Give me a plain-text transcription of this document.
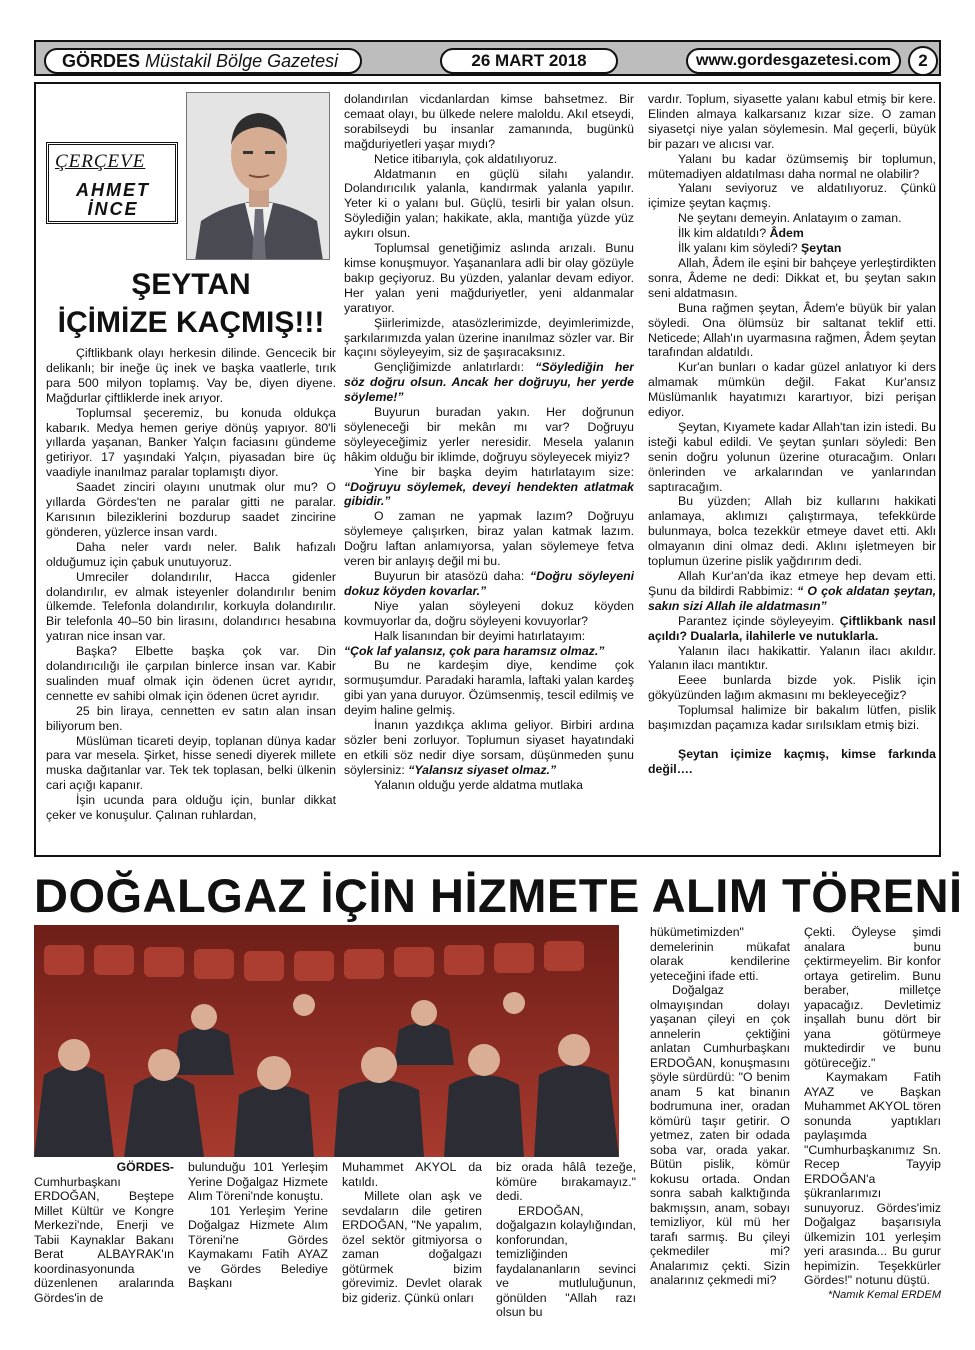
GÖRDES Müstakil Bölge Gazetesi	26 MART 2018	www.gordesgazetesi.com	2
ÇERÇEVE
AHMET
İNCE
ŞEYTAN
İÇİMİZE KAÇMIŞ!!!

Çiftlikbank olayı herkesin dilinde. Gencecik bir delikanlı; bir ineğe üç inek ve başka vaatlerle, tırık para 500 milyon toplamış. Vay be, diyen diyene. Mağdurlar çiftliklerde inek arıyor.

Toplumsal şeceremiz, bu konuda oldukça kabarık. Medya hemen geriye dönüş yapıyor. 80'li yıllarda yaşanan, Banker Yalçın faciasını gündeme getiriyor. 17 yaşındaki Yalçın, piyasadan bire üç vaadiyle inanılmaz paralar toplamıştı diyor.

Saadet zinciri olayını unutmak olur mu? O yıllarda Gördes'ten ne paralar gitti ne paralar. Karısının bileziklerini bozdurup saadet zincirine gönderen, yüzlerce insan vardı.

Daha neler vardı neler. Balık hafızalı olduğumuz için çabuk unutuyoruz.

Umreciler dolandırılır, Hacca gidenler dolandırılır, ev almak isteyenler dolandırılır benim ülkemde. Telefonla dolandırılır, korkuyla dolandırılır. Bir telefonla 40–50 bin lirasını, dolandırıcı hesabına yatıran nice insan var.

Başka? Elbette başka çok var. Din dolandırıcılığı ile çarpılan binlerce insan var. Kabir sualinden muaf olmak için ödenen ücret ayrıdır, cennette ev sahibi olmak için ödenen ücret ayrıdır.

25 bin liraya, cennetten ev satın alan insan biliyorum ben.

Müslüman ticareti deyip, toplanan dünya kadar para var mesela. Şirket, hisse senedi diyerek millete muska dağıtanlar var. Tek tek toplasan, belki ülkenin cari açığı kapanır.

İşin ucunda para olduğu için, bunlar dikkat çeker ve konuşulur. Çalınan ruhlardan,

dolandırılan vicdanlardan kimse bahsetmez. Bir cemaat olayı, bu ülkede nelere maloldu. Akıl etseydi, sorabilseydi bu insanlar zamanında, bugünkü mağduriyetleri yaşar mıydı?

Netice itibarıyla, çok aldatılıyoruz.

Aldatmanın en güçlü silahı yalandır. Dolandırıcılık yalanla, kandırmak yalanla yapılır. Yeter ki o yalanı bul. Güçlü, tesirli bir yalan olsun. Söylediğin yalan; hakikate, akla, mantığa yüzde yüz aykırı olsun.

Toplumsal genetiğimiz aslında arızalı. Bunu kimse konuşmuyor. Yaşananlara adli bir olay gözüyle bakıp geçiyoruz. Bu yüzden, yalanlar devam ediyor. Her yalan yeni mağduriyetler, yeni aldanmalar yaratıyor.

Şiirlerimizde, atasözlerimizde, deyimlerimizde, şarkılarımızda yalan üzerine inanılmaz sözler var. Bir kaçını söyleyeyim, siz de şaşıracaksınız.

Gençliğimizde anlatırlardı: “Söylediğin her söz doğru olsun. Ancak her doğruyu, her yerde söyleme!”

Buyurun buradan yakın. Her doğrunun söyleneceği bir mekân mı var? Doğruyu söyleyeceğimiz yerler neresidir. Mesela yalanın hâkim olduğu bir iklimde, doğruyu söyleyecek miyiz?

Yine bir başka deyim hatırlatayım size: “Doğruyu söylemek, deveyi hendekten atlatmak gibidir.”

O zaman ne yapmak lazım? Doğruyu söylemeye çalışırken, biraz yalan katmak lazım. Doğru laftan anlamıyorsa, yalan söylemeye fetva veren bir anlayış değil mi bu.

Buyurun bir atasözü daha: “Doğru söyleyeni dokuz köyden kovarlar.”

Niye yalan söyleyeni dokuz köyden kovmuyorlar da, doğru söyleyeni kovuyorlar?

Halk lisanından bir deyimi hatırlatayım:

“Çok laf yalansız, çok para haramsız olmaz.”

Bu ne kardeşim diye, kendime çok sormuşumdur. Paradaki haramla, laftaki yalan kardeş gibi yan yana duruyor. Özümsenmiş, tescil edilmiş ve deyim haline gelmiş.

İnanın yazdıkça aklıma geliyor. Birbiri ardına sözler beni zorluyor. Toplumun siyaset hayatındaki en etkili söz nedir diye sorsam, düşünmeden şunu söylersiniz: “Yalansız siyaset olmaz.”

Yalanın olduğu yerde aldatma mutlaka

vardır. Toplum, siyasette yalanı kabul etmiş bir kere. Elinden almaya kalkarsanız kızar size. O zaman siyasetçi niye yalan söylemesin. Mal geçerli, büyük bir pazarı ve alıcısı var.

Yalanı bu kadar özümsemiş bir toplumun, mütemadiyen aldatılması daha normal ne olabilir?

Yalanı seviyoruz ve aldatılıyoruz. Çünkü içimize şeytan kaçmış.

Ne şeytanı demeyin. Anlatayım o zaman.

İlk kim aldatıldı? Âdem

İlk yalanı kim söyledi? Şeytan

Allah, Âdem ile eşini bir bahçeye yerleştirdikten sonra, Âdeme ne dedi: Dikkat et, bu şeytan sakın seni aldatmasın.

Buna rağmen şeytan, Âdem'e büyük bir yalan söyledi. Ona ölümsüz bir saltanat teklif etti. Neticede; Allah'ın uyarmasına rağmen, Âdem şeytan tarafından aldatıldı.

Kur'an bunları o kadar güzel anlatıyor ki ders almamak mümkün değil. Fakat Kur'ansız Müslümanlık hayatımızı karartıyor, bizi perişan ediyor.

Şeytan, Kıyamete kadar Allah'tan izin istedi. Bu isteği kabul edildi. Ve şeytan şunları söyledi: Ben senin doğru yolunun üzerine oturacağım. Onları önlerinden ve arkalarından ve yanlarından saptıracağım.

Bu yüzden; Allah biz kullarını hakikati anlamaya, aklımızı çalıştırmaya, tefekkürde bulunmaya, bolca tezekkür etmeye davet etti. Aklı olmayanın dini olmaz dedi. Aklını işletmeyen bir toplumun üzerine pislik yağdırırım dedi.

Allah Kur'an'da ikaz etmeye hep devam etti. Şunu da bildirdi Rabbimiz: “ O çok aldatan şeytan, sakın sizi Allah ile aldatmasın”

Parantez içinde söyleyeyim. Çiftlikbank nasıl açıldı? Dualarla, ilahilerle ve nutuklarla.

Yalanın ilacı hakikattir. Yalanın ilacı akıldır. Yalanın ilacı mantıktır.

Eeee bunlarda bizde yok. Pislik için gökyüzünden lağım akmasını mı bekleyeceğiz?

Toplumsal halimize bir bakalım lütfen, pislik başımızdan paçamıza kadar sırılsıklam etmiş bizi.

Şeytan içimize kaçmış, kimse farkında değil….

DOĞALGAZ İÇİN HİZMETE ALIM TÖRENİ

GÖRDES-

Cumhurbaşkanı ERDOĞAN, Beştepe Millet Kültür ve Kongre Merkezi'nde, Enerji ve Tabii Kaynaklar Bakanı Berat ALBAYRAK'ın koordinasyonunda düzenlenen aralarında Gördes'in de

bulunduğu 101 Yerleşim Yerine Doğalgaz Hizmete Alım Töreni'nde konuştu.

101 Yerleşim Yerine Doğalgaz Hizmete Alım Töreni'ne Gördes Kaymakamı Fatih AYAZ ve Gördes Belediye Başkanı

Muhammet AKYOL da katıldı.

Millete olan aşk ve sevdaların dile getiren ERDOĞAN, "Ne yapalım, özel sektör gitmiyorsa o zaman doğalgazı götürmek bizim görevimiz. Devlet olarak biz gideriz. Çünkü onları

biz orada hâlâ tezeğe, kömüre bırakamayız." dedi.

ERDOĞAN, doğalgazın kolaylığından, konforundan, temizliğinden faydalananların sevinci ve mutluluğunun, gönülden "Allah razı olsun bu

hükümetimizden" demelerinin mükafat olarak kendilerine yeteceğini ifade etti.

Doğalgaz olmayışından dolayı yaşanan çileyi en çok annelerin çektiğini anlatan Cumhurbaşkanı ERDOĞAN, konuşmasını şöyle sürdürdü: "O benim anam 5 kat binanın bodrumuna iner, oradan kömürü taşır getirir. O yetmez, zaten bir odada soba var, orada yakar. Bütün pislik, kömür kokusu ortada. Ondan sonra sabah kalktığında bakmışsın, anam, sobayı temizliyor, kül mü her tarafı sarmış. Bu çileyi çekmediler mi? Analarımız çekti. Sizin analarınız çekmedi mi?

Çekti. Öyleyse şimdi analara bunu çektirmeyelim. Bir konfor ortaya getirelim. Bunu beraber, milletçe yapacağız. Devletimiz inşallah bunu dört bir yana götürmeye muktedirdir ve bunu götüreceğiz."

Kaymakam Fatih AYAZ ve Başkan Muhammet AKYOL tören sonunda yaptıkları paylaşımda "Cumhurbaşkanımız Sn. Recep Tayyip ERDOĞAN'a şükranlarımızı sunuyoruz. Gördes'imiz Doğalgaz başarısıyla ülkemizin 101 yerleşim yeri arasında... Bu gurur hepimizin. Teşekkürler Gördes!" notunu düştü.

*Namık Kemal ERDEM
